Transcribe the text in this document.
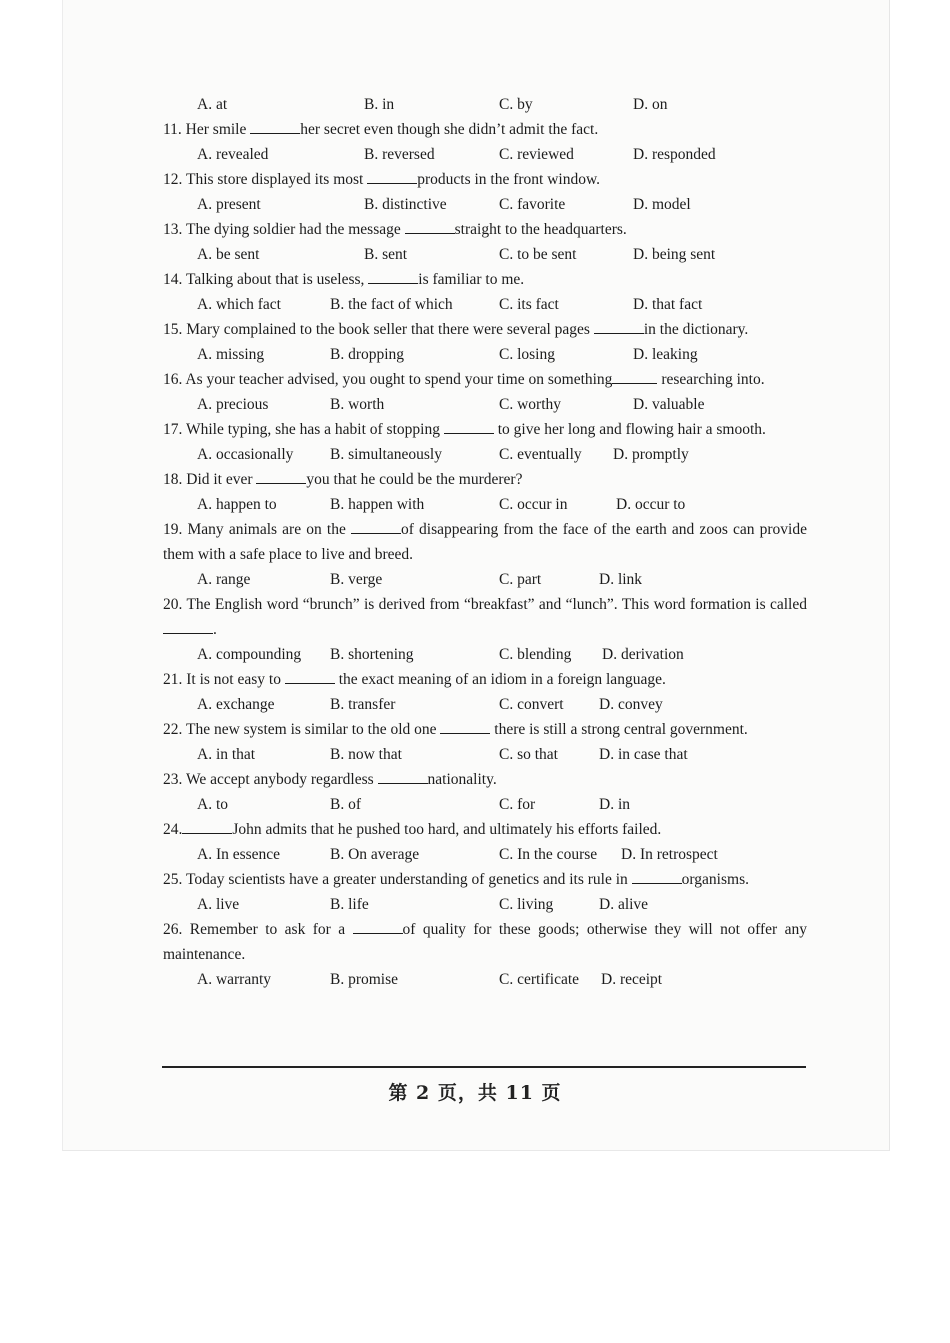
A. at	B. in	C. by	D. on

11. Her smile	her secret even though she didn’t admit the fact.

A. revealed	B. reversed	C. reviewed	D. responded

12. This store displayed its most	products in the front window.

A. present	B. distinctive	C. favorite	D. model

13. The dying soldier had the message	straight to the headquarters.

A. be sent	B. sent	C. to be sent	D. being sent

14. Talking about that is useless,	is familiar to me.

A. which fact	B. the fact of which	C. its fact	D. that fact

15. Mary complained to the book seller that there were several pages	in the dictionary.

A. missing	B. dropping	C. losing	D. leaking

16. As your teacher advised, you ought to spend your time on something	researching into.

A. precious	B. worth	C. worthy	D. valuable

17. While typing, she has a habit of stopping	to give her long and flowing hair a smooth.

A. occasionally B. simultaneously	C. eventually D. promptly

18. Did it ever	you that he could be the murderer?

A. happen to	B. happen with	C. occur in	D. occur to

19. Many animals are on the	of disappearing from the face of the earth and zoos can provide them with a safe place to live and breed.

A. range	B. verge	C. part	D. link

20. The English word “brunch” is derived from “breakfast” and “lunch”. This word formation is called.

A. compounding B. shortening	C. blending D. derivation

21. It is not easy to	the exact meaning of an idiom in a foreign language.

A. exchange	B. transfer	C. convert D. convey

22. The new system is similar to the old one	there is still a strong central government.

A. in that	B. now that	C. so that	D. in case that

23. We accept anybody regardless	nationality.

A. to	B. of	C. for	D. in

24.	John admits that he pushed too hard, and ultimately his efforts failed.

A. In essence	B. On average	C. In the course D. In retrospect

25. Today scientists have a greater understanding of genetics and its rule in	organisms.

A. live	B. life	C. living	D. alive

26. Remember to ask for a	of quality for these goods; otherwise they will not offer any maintenance.

A. warranty	B. promise	C. certificate D. receipt
第 2 页，共 11 页
